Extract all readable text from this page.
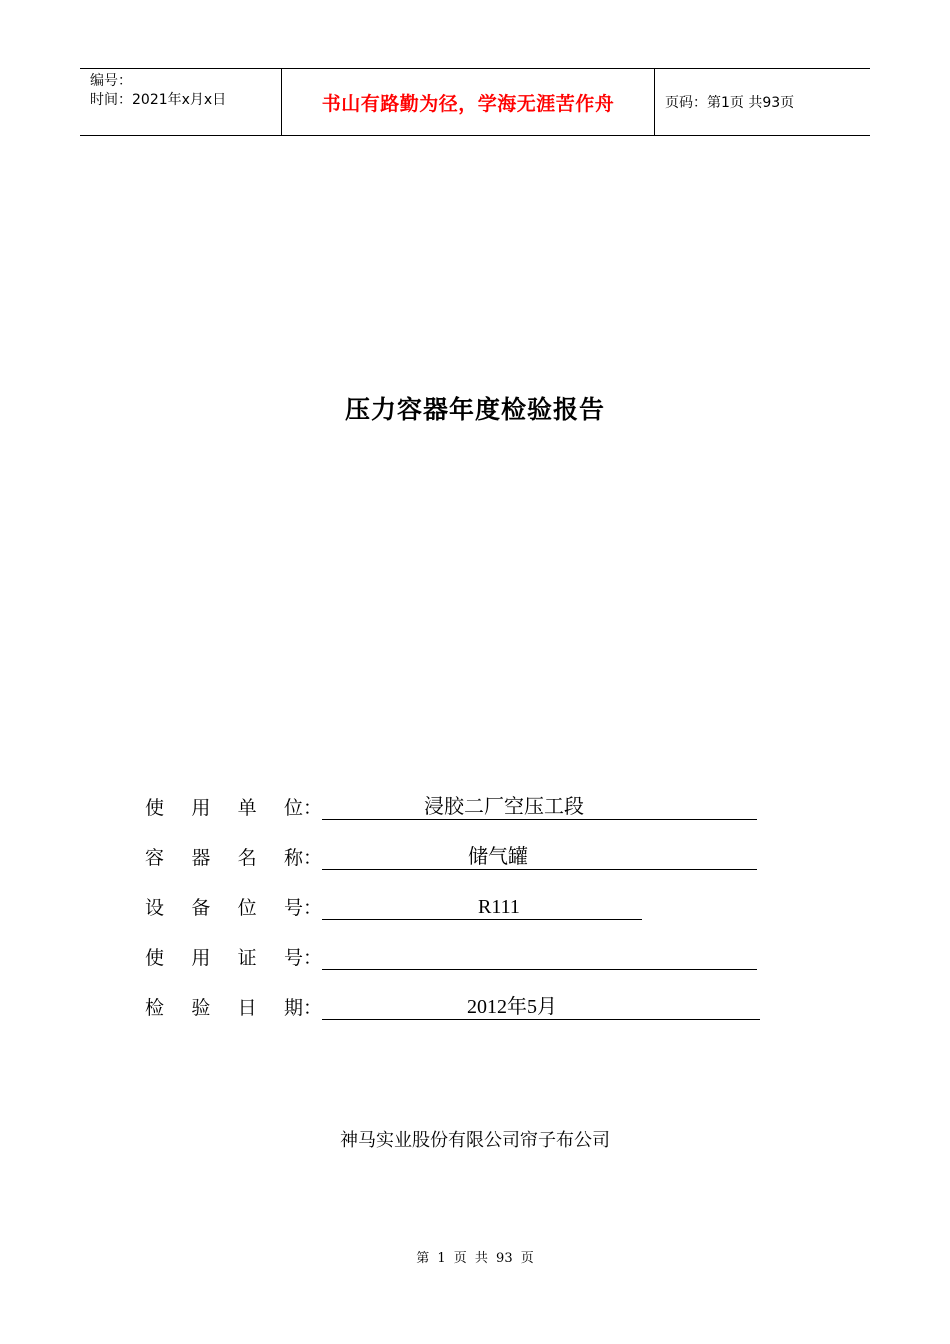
编号：
时间：2021年x月x日	书山有路勤为径，学海无涯苦作舟	页码：第1页 共93页
压力容器年度检验报告
使 用 单 位：	浸胶二厂空压工段
容 器 名 称：	储气罐
设 备 位 号：	R111
使 用 证 号：
检 验 日 期：	2012年5月
神马实业股份有限公司帘子布公司
第 1 页 共 93 页
